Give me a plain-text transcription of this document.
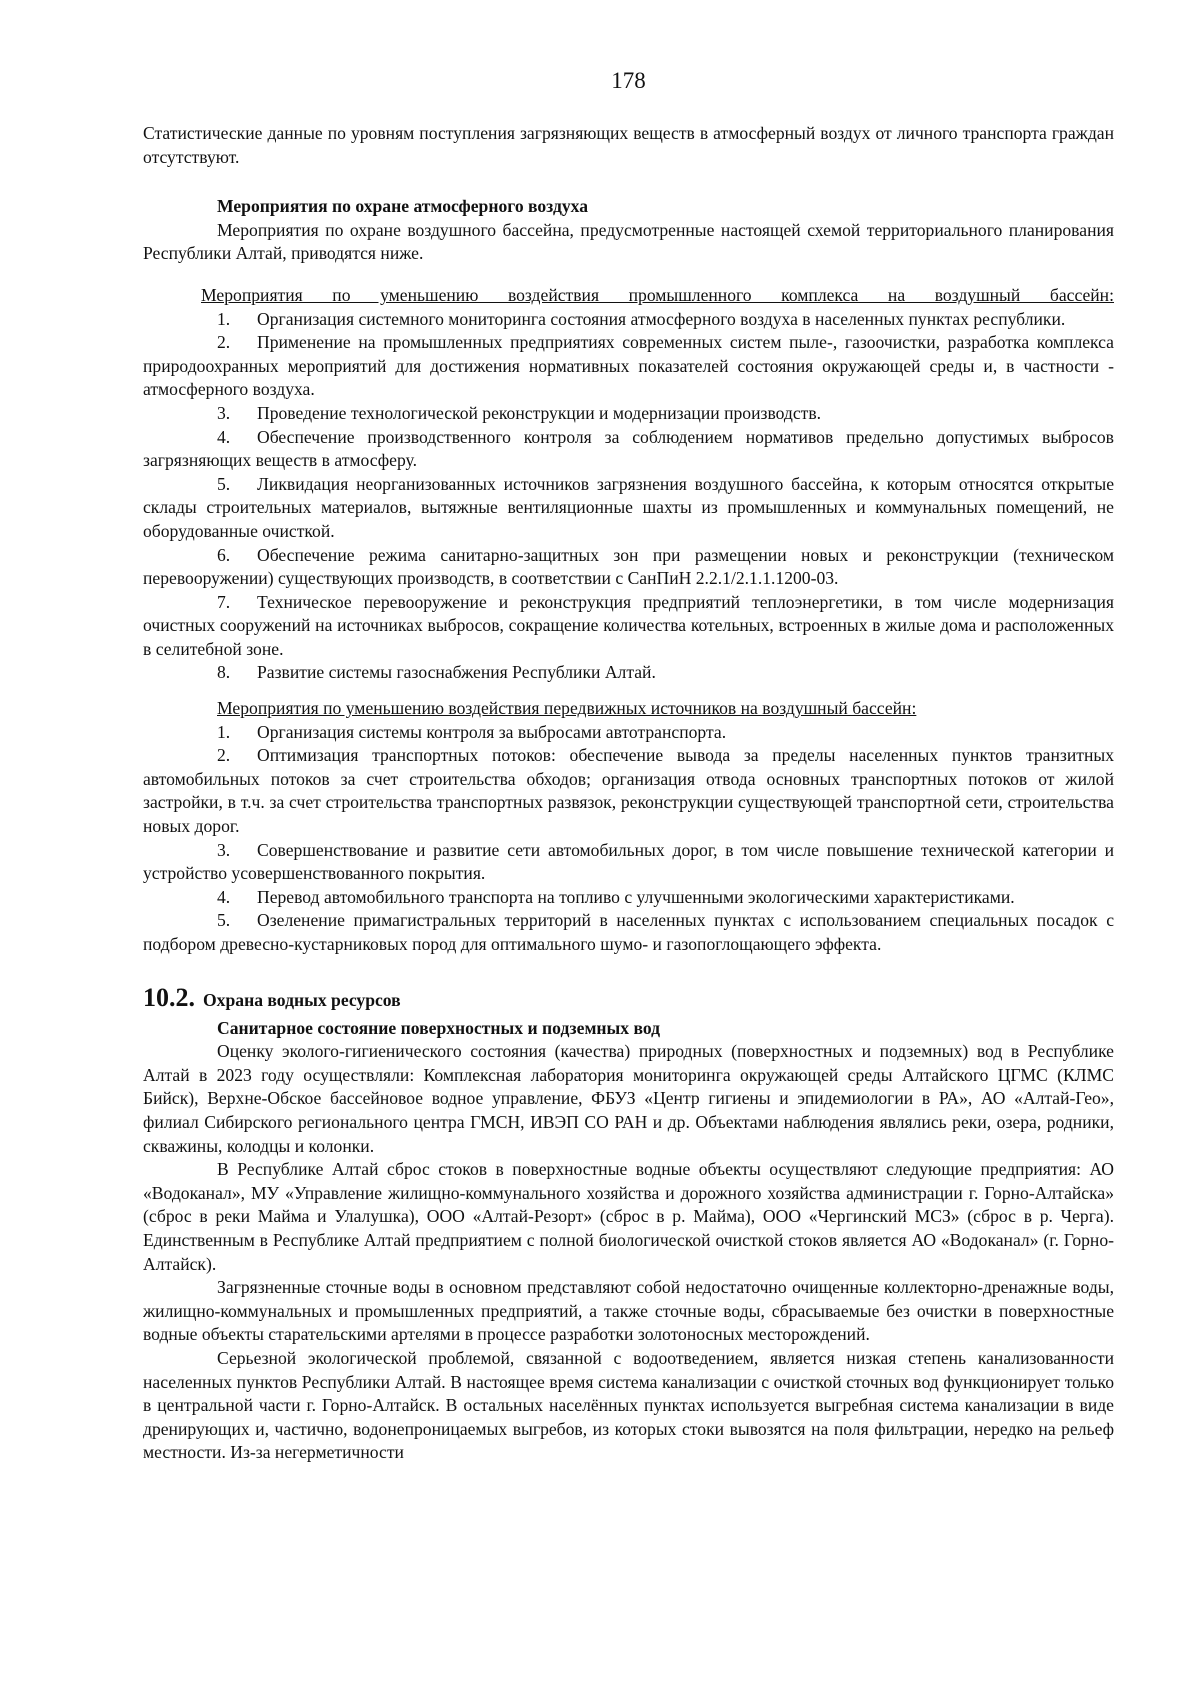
178

Статистические данные по уровням поступления загрязняющих веществ в атмосферный воздух от личного транспорта граждан отсутствуют.

Мероприятия по охране атмосферного воздуха

Мероприятия по охране воздушного бассейна, предусмотренные настоящей схемой территориального планирования Республики Алтай, приводятся ниже.

Мероприятия по уменьшению воздействия промышленного комплекса на воздушный бассейн:

1. Организация системного мониторинга состояния атмосферного воздуха в населенных пунктах республики.

2. Применение на промышленных предприятиях современных систем пыле-, газоочистки, разработка комплекса природоохранных мероприятий для достижения нормативных показателей состояния окружающей среды и, в частности - атмосферного воздуха.

3. Проведение технологической реконструкции и модернизации производств.

4. Обеспечение производственного контроля за соблюдением нормативов предельно допустимых выбросов загрязняющих веществ в атмосферу.

5. Ликвидация неорганизованных источников загрязнения воздушного бассейна, к которым относятся открытые склады строительных материалов, вытяжные вентиляционные шахты из промышленных и коммунальных помещений, не оборудованные очисткой.

6. Обеспечение режима санитарно-защитных зон при размещении новых и реконструкции (техническом перевооружении) существующих производств, в соответствии с СанПиН 2.2.1/2.1.1.1200-03.

7. Техническое перевооружение и реконструкция предприятий теплоэнергетики, в том числе модернизация очистных сооружений на источниках выбросов, сокращение количества котельных, встроенных в жилые дома и расположенных в селитебной зоне.

8. Развитие системы газоснабжения Республики Алтай.

Мероприятия по уменьшению воздействия передвижных источников на воздушный бассейн:

1. Организация системы контроля за выбросами автотранспорта.

2. Оптимизация транспортных потоков: обеспечение вывода за пределы населенных пунктов транзитных автомобильных потоков за счет строительства обходов; организация отвода основных транспортных потоков от жилой застройки, в т.ч. за счет строительства транспортных развязок, реконструкции существующей транспортной сети, строительства новых дорог.

3. Совершенствование и развитие сети автомобильных дорог, в том числе повышение технической категории и устройство усовершенствованного покрытия.

4. Перевод автомобильного транспорта на топливо с улучшенными экологическими характеристиками.

5. Озеленение примагистральных территорий в населенных пунктах с использованием специальных посадок с подбором древесно-кустарниковых пород для оптимального шумо- и газопоглощающего эффекта.

10.2. Охрана водных ресурсов

Санитарное состояние поверхностных и подземных вод

Оценку эколого-гигиенического состояния (качества) природных (поверхностных и подземных) вод в Республике Алтай в 2023 году осуществляли: Комплексная лаборатория мониторинга окружающей среды Алтайского ЦГМС (КЛМС Бийск), Верхне-Обское бассейновое водное управление, ФБУЗ «Центр гигиены и эпидемиологии в РА», АО «Алтай-Гео», филиал Сибирского регионального центра ГМСН, ИВЭП СО РАН и др. Объектами наблюдения являлись реки, озера, родники, скважины, колодцы и колонки.

В Республике Алтай сброс стоков в поверхностные водные объекты осуществляют следующие предприятия: АО «Водоканал», МУ «Управление жилищно-коммунального хозяйства и дорожного хозяйства администрации г. Горно-Алтайска» (сброс в реки Майма и Улалушка), ООО «Алтай-Резорт» (сброс в р. Майма), ООО «Чергинский МСЗ» (сброс в р. Черга). Единственным в Республике Алтай предприятием с полной биологической очисткой стоков является АО «Водоканал» (г. Горно-Алтайск).

Загрязненные сточные воды в основном представляют собой недостаточно очищенные коллекторно-дренажные воды, жилищно-коммунальных и промышленных предприятий, а также сточные воды, сбрасываемые без очистки в поверхностные водные объекты старательскими артелями в процессе разработки золотоносных месторождений.

Серьезной экологической проблемой, связанной с водоотведением, является низкая степень канализованности населенных пунктов Республики Алтай. В настоящее время система канализации с очисткой сточных вод функционирует только в центральной части г. Горно-Алтайск. В остальных населённых пунктах используется выгребная система канализации в виде дренирующих и, частично, водонепроницаемых выгребов, из которых стоки вывозятся на поля фильтрации, нередко на рельеф местности. Из-за негерметичности
